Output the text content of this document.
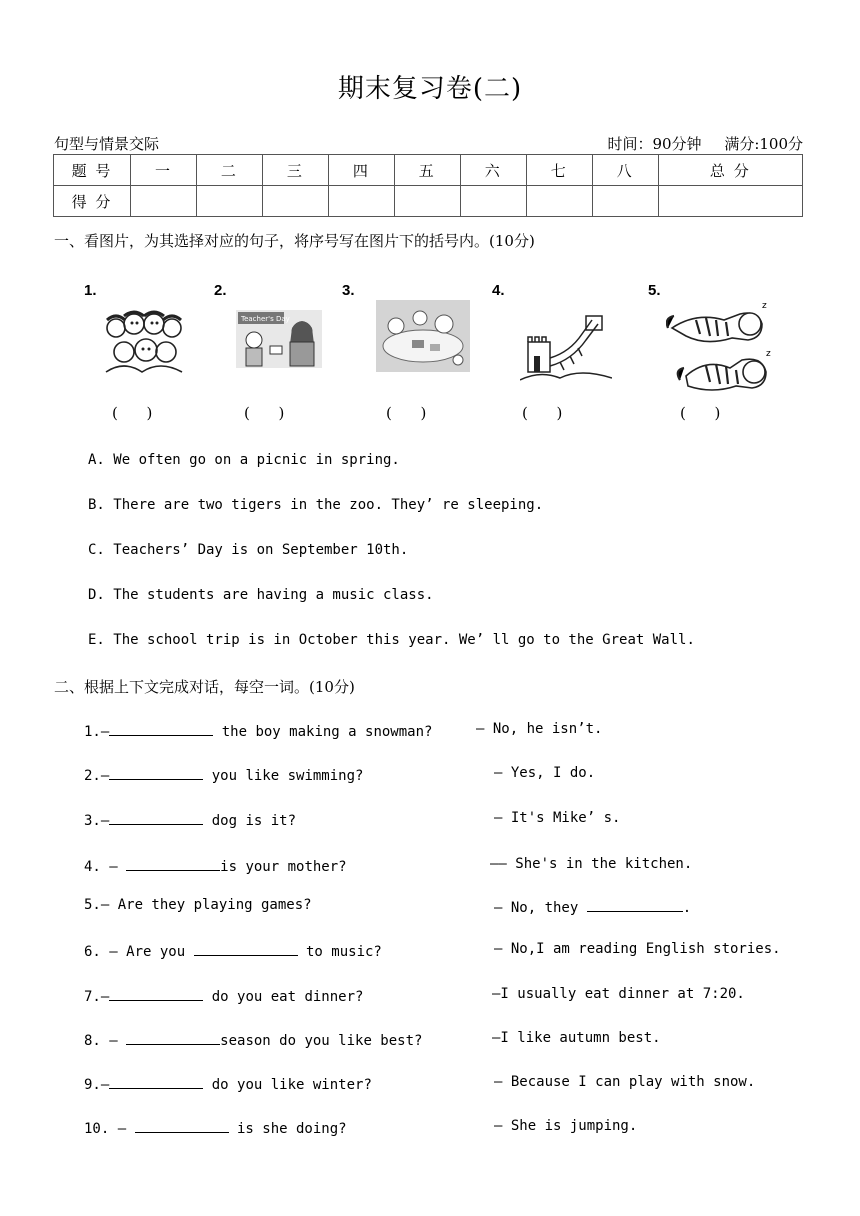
期末复习卷(二)
句型与情景交际	时间：90分钟 满分:100分
题 号	一	二	三	四	五	六	七	八	总 分
得 分									
一、看图片，为其选择对应的句子，将序号写在图片下的括号内。(10分)
1.
(      )
2.
Teacher's Day
(      )
3.
(      )
4.
(      )
5.
z
z
(      )
A. We often go on a picnic in spring.
B. There are two tigers in the zoo. They’ re sleeping.
C. Teachers’ Day is on September 10th.
D. The students are having a music class.
E. The school trip is in October this year. We’ ll go to the Great Wall.
二、根据上下文完成对话，每空一词。(10分)
1.—	the boy making a snowman?	— No, he isn’t.
2.—	you like swimming?	— Yes, I do.
3.—	dog is it?	— It's Mike’ s.
4. —	is your mother?	—— She's in the kitchen.
5.— Are they playing games?	— No, they	.
6. — Are you	to music?	— No,I am reading English stories.
7.—	do you eat dinner?	—I usually eat dinner at 7:20.
8. —	season do you like best?	—I like autumn best.
9.—	do you like winter?	— Because I can play with snow.
10. —	is she doing?	— She is jumping.
